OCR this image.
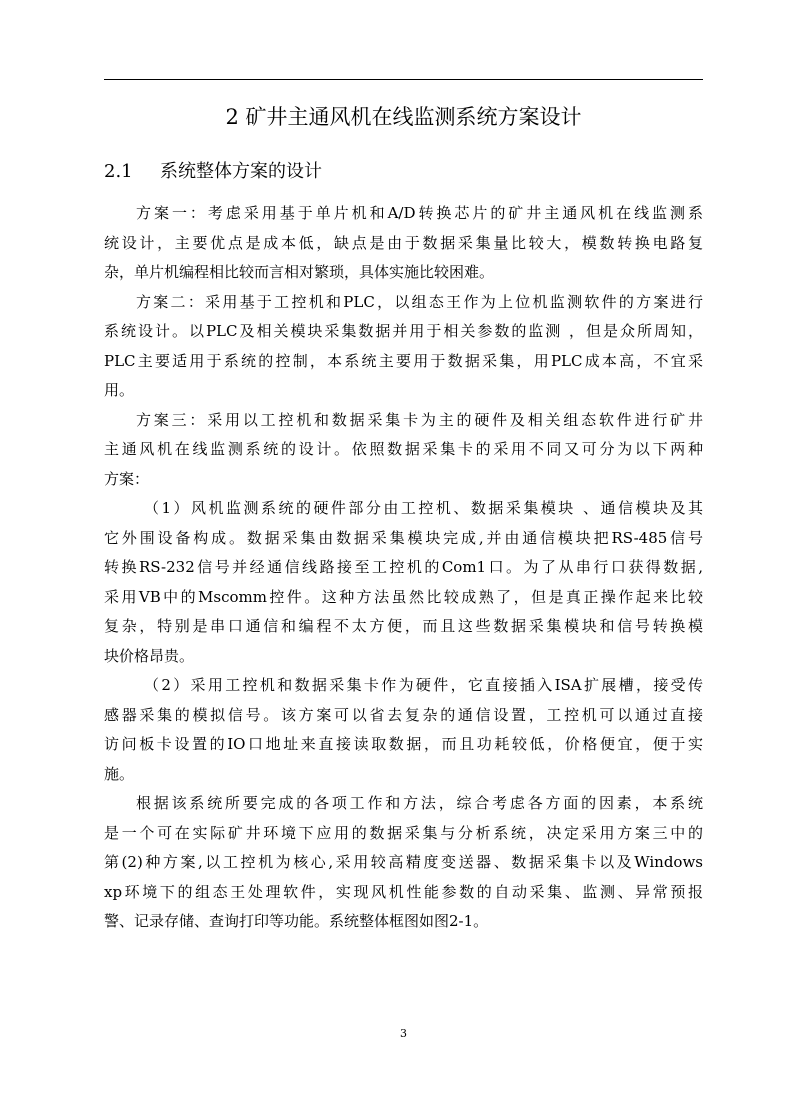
2 矿井主通风机在线监测系统方案设计
2.1 系统整体方案的设计
方案一：考虑采用基于单片机和A/D转换芯片的矿井主通风机在线监测系
统设计，主要优点是成本低，缺点是由于数据采集量比较大，模数转换电路复
杂，单片机编程相比较而言相对繁琐，具体实施比较困难。
方案二：采用基于工控机和PLC，以组态王作为上位机监测软件的方案进行
系统设计。以PLC及相关模块采集数据并用于相关参数的监测 ，但是众所周知，
PLC主要适用于系统的控制，本系统主要用于数据采集，用PLC成本高，不宜采
用。
方案三：采用以工控机和数据采集卡为主的硬件及相关组态软件进行矿井
主通风机在线监测系统的设计。依照数据采集卡的采用不同又可分为以下两种
方案：
（1）风机监测系统的硬件部分由工控机、数据采集模块 、通信模块及其
它外围设备构成。数据采集由数据采集模块完成,并由通信模块把RS-485信号
转换RS-232信号并经通信线路接至工控机的Com1口。为了从串行口获得数据,
采用VB中的Mscomm控件。这种方法虽然比较成熟了，但是真正操作起来比较
复杂，特别是串口通信和编程不太方便，而且这些数据采集模块和信号转换模
块价格昂贵。
（2）采用工控机和数据采集卡作为硬件，它直接插入ISA扩展槽，接受传
感器采集的模拟信号。该方案可以省去复杂的通信设置，工控机可以通过直接
访问板卡设置的IO口地址来直接读取数据，而且功耗较低，价格便宜，便于实
施。
根据该系统所要完成的各项工作和方法，综合考虑各方面的因素，本系统
是一个可在实际矿井环境下应用的数据采集与分析系统，决定采用方案三中的
第(2)种方案,以工控机为核心,采用较高精度变送器、数据采集卡以及Windows
xp环境下的组态王处理软件，实现风机性能参数的自动采集、监测、异常预报
警、记录存储、查询打印等功能。系统整体框图如图2-1。
3
